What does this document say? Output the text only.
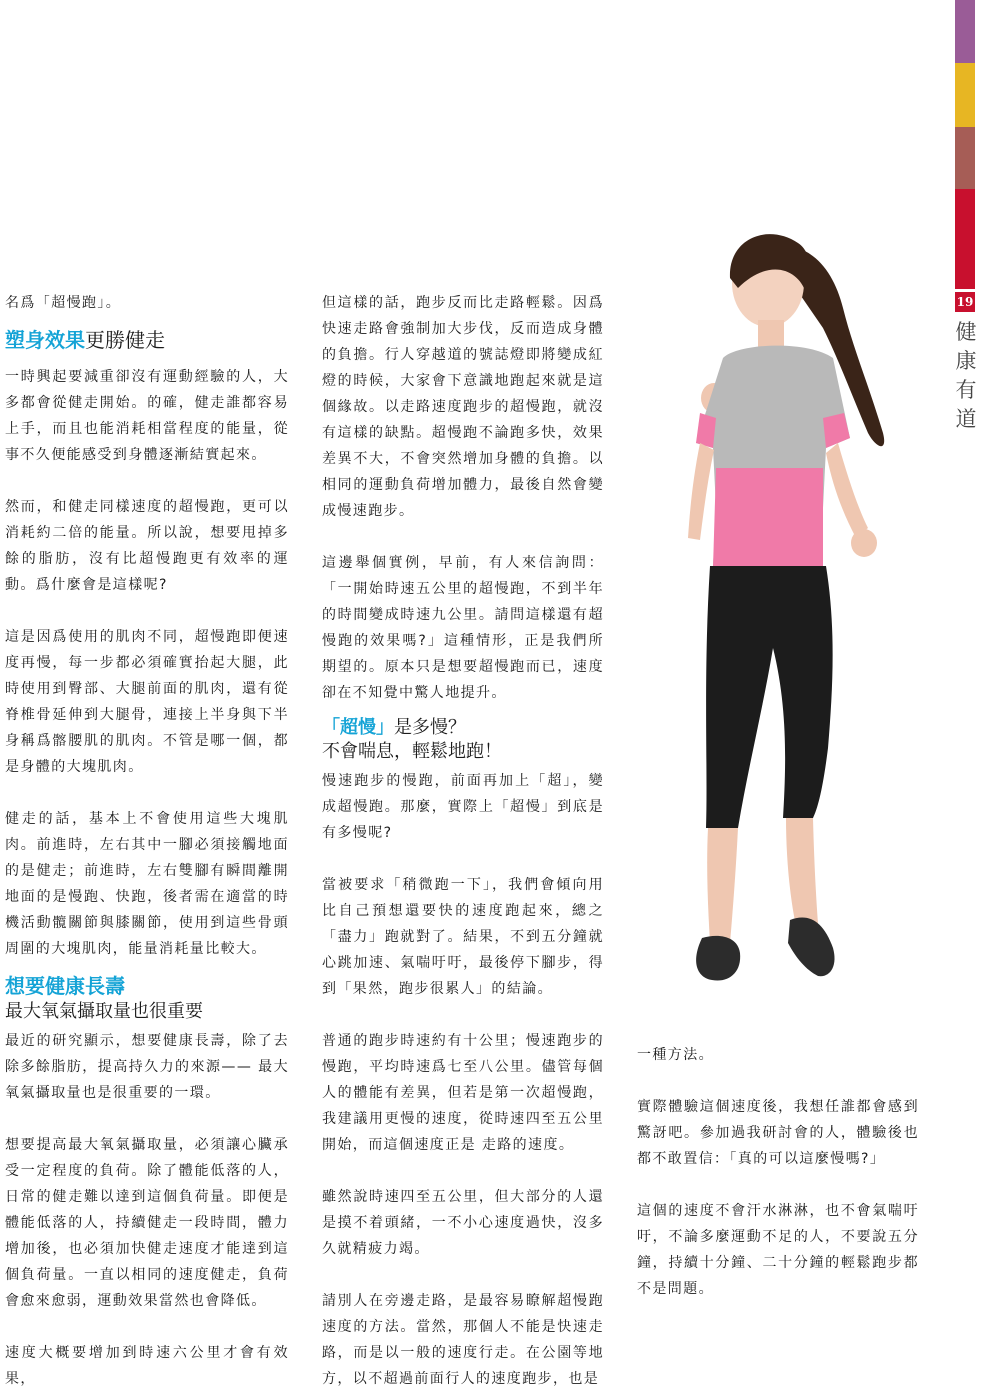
19
健
康
有
道

名爲「超慢跑」。

塑身效果更勝健走

一時興起要減重卻沒有運動經驗的人，大多都會從健走開始。的確，健走誰都容易上手，而且也能消耗相當程度的能量，從事不久便能感受到身體逐漸結實起來。

然而，和健走同樣速度的超慢跑，更可以消耗約二倍的能量。所以說，想要甩掉多餘的脂肪，沒有比超慢跑更有效率的運動。爲什麼會是這樣呢?

這是因爲使用的肌肉不同，超慢跑即便速度再慢，每一步都必須確實抬起大腿，此時使用到臀部、大腿前面的肌肉，還有從脊椎骨延伸到大腿骨，連接上半身與下半身稱爲髂腰肌的肌肉。不管是哪一個，都是身體的大塊肌肉。

健走的話，基本上不會使用這些大塊肌肉。前進時，左右其中一腳必須接觸地面的是健走；前進時，左右雙腳有瞬間離開地面的是慢跑、快跑，後者需在適當的時機活動髖關節與膝關節，使用到這些骨頭周圍的大塊肌肉，能量消耗量比較大。

想要健康長壽

最大氧氣攝取量也很重要

最近的研究顯示，想要健康長壽，除了去除多餘脂肪，提高持久力的來源—— 最大氧氣攝取量也是很重要的一環。

想要提高最大氧氣攝取量，必須讓心臟承受一定程度的負荷。除了體能低落的人，日常的健走難以達到這個負荷量。即便是體能低落的人，持續健走一段時間，體力增加後，也必須加快健走速度才能達到這個負荷量。一直以相同的速度健走，負荷會愈來愈弱，運動效果當然也會降低。

速度大概要增加到時速六公里才會有效果，

但這樣的話，跑步反而比走路輕鬆。因爲快速走路會強制加大步伐，反而造成身體的負擔。行人穿越道的號誌燈即將變成紅燈的時候，大家會下意識地跑起來就是這個緣故。以走路速度跑步的超慢跑，就沒有這樣的缺點。超慢跑不論跑多快，效果差異不大，不會突然增加身體的負擔。以相同的運動負荷增加體力，最後自然會變成慢速跑步。

這邊舉個實例，早前，有人來信詢問：「一開始時速五公里的超慢跑，不到半年的時間變成時速九公里。請問這樣還有超慢跑的效果嗎?」這種情形，正是我們所期望的。原本只是想要超慢跑而已，速度卻在不知覺中驚人地提升。

「超慢」是多慢？

不會喘息，輕鬆地跑！

慢速跑步的慢跑，前面再加上「超」，變成超慢跑。那麼，實際上「超慢」到底是有多慢呢?

當被要求「稍微跑一下」，我們會傾向用比自己預想還要快的速度跑起來，總之「盡力」跑就對了。結果，不到五分鐘就心跳加速、氣喘吁吁，最後停下腳步，得到「果然，跑步很累人」的結論。

普通的跑步時速約有十公里；慢速跑步的慢跑，平均時速爲七至八公里。儘管每個人的體能有差異，但若是第一次超慢跑，我建議用更慢的速度，從時速四至五公里開始，而這個速度正是 走路的速度。

雖然說時速四至五公里，但大部分的人還是摸不着頭緒，一不小心速度過快，沒多久就精疲力竭。

請別人在旁邊走路，是最容易瞭解超慢跑速度的方法。當然，那個人不能是快速走路，而是以一般的速度行走。在公園等地方，以不超過前面行人的速度跑步，也是

一種方法。

實際體驗這個速度後，我想任誰都會感到驚訝吧。參加過我研討會的人，體驗後也都不敢置信：「真的可以這麼慢嗎?」

這個的速度不會汗水淋淋，也不會氣喘吁吁，不論多麼運動不足的人，不要說五分鐘，持續十分鐘、二十分鐘的輕鬆跑步都不是問題。
